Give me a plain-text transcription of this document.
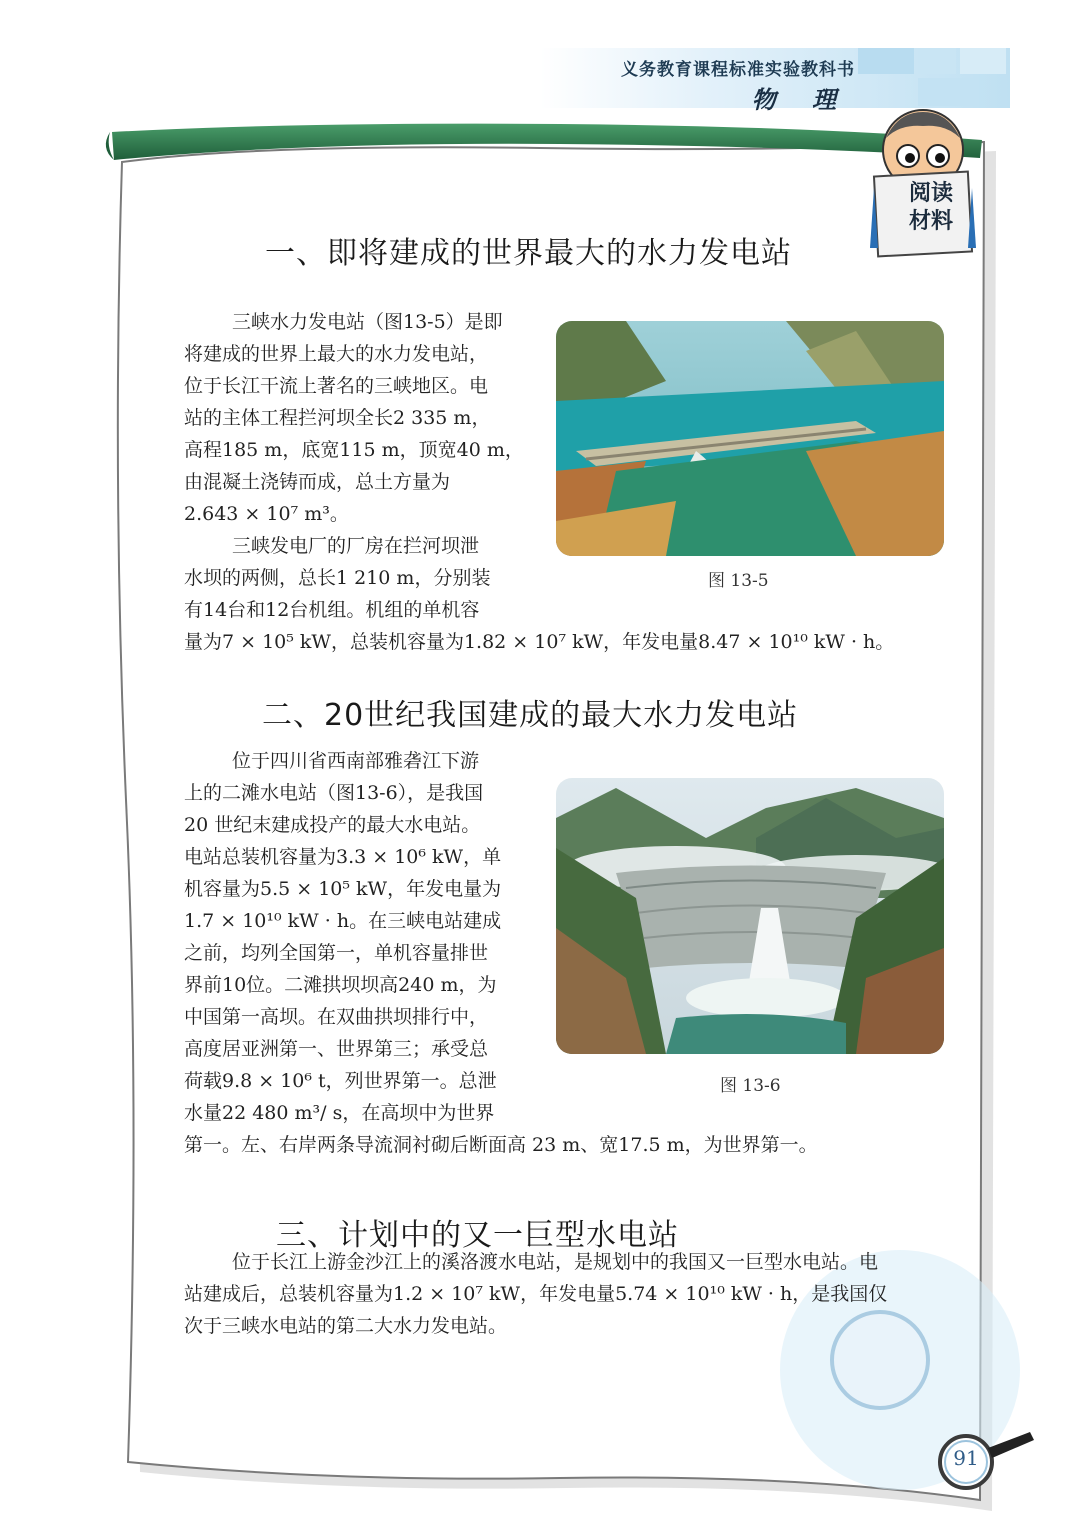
义务教育课程标准实验教科书
物 理
阅读
材料
一、即将建成的世界最大的水力发电站
三峡水力发电站（图13-5）是即
将建成的世界上最大的水力发电站，
位于长江干流上著名的三峡地区。电
站的主体工程拦河坝全长2 335 m，
高程185 m，底宽115 m，顶宽40 m，
由混凝土浇铸而成，总土方量为
2.643 × 10⁷ m³。
三峡发电厂的厂房在拦河坝泄
水坝的两侧，总长1 210 m，分别装
有14台和12台机组。机组的单机容
量为7 × 10⁵ kW，总装机容量为1.82 × 10⁷ kW，年发电量8.47 × 10¹⁰ kW · h。
图 13-5
二、20世纪我国建成的最大水力发电站
位于四川省西南部雅砻江下游
上的二滩水电站（图13-6），是我国
20 世纪末建成投产的最大水电站。
电站总装机容量为3.3 × 10⁶ kW，单
机容量为5.5 × 10⁵ kW，年发电量为
1.7 × 10¹⁰ kW · h。在三峡电站建成
之前，均列全国第一，单机容量排世
界前10位。二滩拱坝坝高240 m，为
中国第一高坝。在双曲拱坝排行中，
高度居亚洲第一、世界第三；承受总
荷载9.8 × 10⁶ t，列世界第一。总泄
水量22 480 m³/ s，在高坝中为世界
第一。左、右岸两条导流洞衬砌后断面高 23 m、宽17.5 m，为世界第一。
图 13-6
三、计划中的又一巨型水电站
位于长江上游金沙江上的溪洛渡水电站，是规划中的我国又一巨型水电站。电
站建成后，总装机容量为1.2 × 10⁷ kW，年发电量5.74 × 10¹⁰ kW · h，是我国仅
次于三峡水电站的第二大水力发电站。
91
